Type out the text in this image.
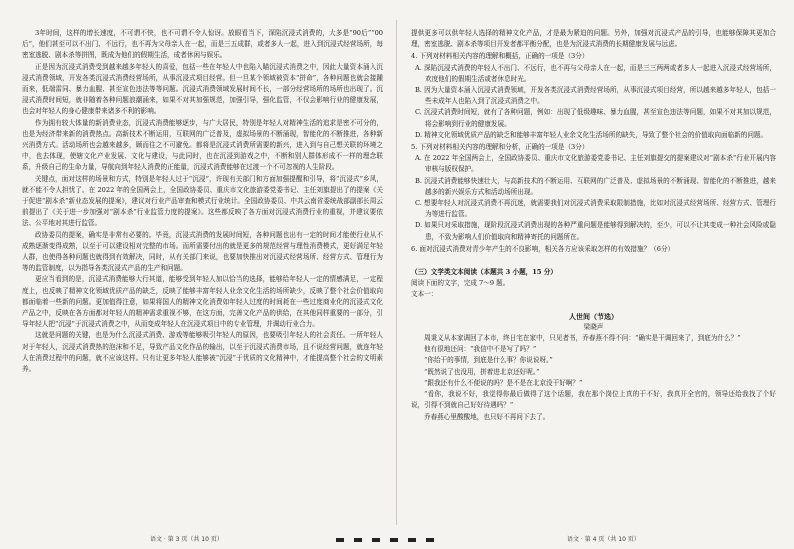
3年时间，这样的增长速度，不可谓不快，也不可谓不令人惊讶。放眼看当下，深陷沉浸式消费的，大多是“90后”“00后”，他们甚至可以不出门、不远行，也不再为父母亲人在一起，而是三五成群，或者多人一起，进入到沉浸式经营场所，每密室逃脱、剧本杀等拼图，既成为他们的假期生活，成者休闲与娱乐。

正是因为沉浸式消费受到越来越多年轻人的喜爱，包括一些在年轻人中也陷入瞄沉浸式消费之中，因此大量资本涌入沉浸式消费领域，开发各类沉浸式消费经营场所，从事沉浸式项目经营。但一旦某个领域被资本“拼命”，各种问题也就会接踵而来，低端雷同、暴力血腥、甚至宣色违法等等问题。沉浸式消费领域发展时间不长，一部分经营场所的场所也出现了。沉浸式消费时间短，就非随着各种问题浪潮涌来，如果不对其加强规范，加强引导，强化监管，不仅会影响行业的健康发展，也会对年轻人的身心健康带来诸多不利的影响。

作为拥有较大体量的新消费业态，沉浸式消费能够逐步，与广大居民，特别是年轻人对精神生活的追求是密不可分的，也是为经济带来新的消费热点。高新技术不断运用，互联网的广泛普及，虚拟场景的不断涌现，智能化的不断推进，各种新兴消费方式。活动场所也会越来越多，顾而往之不可避免。都将是沉浸式消费所需要的新兴，进入到与自己想关联的环境之中，也去体现，使辖文化产业发展、文化与建设，与此同时，也在沉浸到游戏之中，不断和别人群体形成不一样的理念联系，升级自己的生命力量，导航向到年轻人消费的正能量，沉浸式消费能够在过渡一个不可忽视的人生阶段。

关键点，面对这样的场景和方式，特别是年轻人过于“沉浸”，许现有关部门和方面加强提醒和引导，将“沉浸式”乡风，就不能不令人担忧了。在 2022 年的全国两会上，全国政协委员、重庆市文化旅游委党委书记、主任刘旗提出了的提案《关于促进“剧本杀”新业态发展的提案》，建议对行业产品审查和模式行业统计。全国政协委员、中共云南省委统战部副部长周云前提出了《关于进一步加强对“剧本杀”行业监管力度的提案》。这些都反映了各方面对沉浸式消费行业的重视，并建议要依法、公平地对其进行监管。

政协委员的提案，确实是非常有必要的。毕竟，沉浸式消费的发展时间短，各种问题也出有一定的时间才能使行业从不成熟逐渐变得成熟，以至于可以建设相对完整的市场。而所需要付出的就是更多的规范经营与理性消费模式，更好满足年轻人群，也使得各种问题也就得到有效解决，同时，从有关部门来说，也要加快推出对沉浸式经营场所、经营方式、管理行为等的监管制度，以为指导各类沉浸式产品的生产和问题。

更应当看到的是，沉浸式消费能够大行其道，能够受到年轻人加以恰当的选择，能够给年轻人一定的情感满足，一定程度上，也反映了精神文化领域优质产品的缺乏，反映了能够丰富年轻人业余文化生活的场所缺少，反映了整个社会价值取向都面临着一些新的问题。更加值得注意，如果将国人的精神文化消费如年轻人过度的时间耗在一些过度商业化的沉浸式文化产品之中，反映在各方面都对年轻人的精神需求重视不够，在这方面，完善文化产品的供给，在其他同样重要的一部分，引导年轻人把“沉浸”于沉浸式消费之中，从而变成年轻人在沉浸式项目中的专业管理，并调动行业合力。

这就是问题的关键，也是为什么沉浸式消费、游戏等能够吸引年轻人的原因，也要吸引年轻人的社会责任。一所年轻人对于年轻人，沉浸式消费热的泡沫和不足，导致产品文化作品的输出，以至于沉浸式消费市场，且不说经营问题，就连年轻人在消费过程中的问题，就不应该这样。只有让更多年轻人能够被“沉浸”于优质的文化精神中，才能提高整个社会的文明素养。

提供更多可以供年轻人选择的精神文化产品，才是最为紧迫的问题。另外，加强对沉浸式产品的引导，也能够保障其更加合理，密室逃脱、剧本杀等项目开发者都平衡分配，也是为沉浸式消费的长期健康发展与远虑。

4. 下列对材料相关内容的理解和概括，正确的一项是（3分）

A. 深陷沉浸式消费的年轻人不出门、不远行，也不再与父母亲人在一起，而是三三两两或者多人一起进入沉浸式经营场所，欢度他们的假期生活或者休息时光。

B. 因为大量资本涌入沉浸式消费领域，开发各类沉浸式消费经营场所，从事沉浸式项目经营，所以越来越多年轻人，包括一些未成年人也陷入到了沉浸式消费之中。

C. 沉浸式消费时间短，就有了各种问题，例如：出现了低级趣味、暴力血腥，甚至宣色违法等问题，如果不对其加以规范，将会影响到行业的健康发展。

D. 精神文化领域优质产品的缺乏和能够丰富年轻人业余文化生活场所的缺失，导致了整个社会的价值取向面临新的问题。

5. 下列对材料相关内容的理解和分析，正确的一项是（3分）

A. 在 2022 年全国两会上，全国政协委员、重庆市文化旅游委党委书记、主任刘旗提交的提案建议对“剧本杀”行业开展内容审核与版权保护。

B. 沉浸式消费能够快速壮大，与高新技术的不断运用、互联网的广泛普及、虚拟场景的不断涌现、智能化的不断推进，越来越多的新兴娱乐方式和活动场所出现。

C. 想要年轻人对沉浸式消费不再沉迷，就需要我们对沉浸式消费采取限制措施，比如对沉浸式经营场所、经营方式、管理行为等进行监管。

D. 如果只对采取措施，现阶段沉浸式消费出现的各种严重问题是能够得到解决的，至少，可以不让其变成一种社会风险或隐患，不致为影响人们价值取向和精神寄托的问题所在。

6. 面对沉浸式消费对青少年产生的不良影响，相关各方应该采取怎样的有效措施？（6分）

（三）文学类文本阅读（本题共 3 小题，15 分）

阅读下面的文字，完成 7～9 题。

文本一：

人世间（节选）

梁晓声

周秉义从本家调回了本市，终日宅在家中，只见者书，乔春燕不得不问：“确实是干调回来了，到底为什么？”

他有很地还问：“我信中不是写了吗？”

“你给干的事情，到底是什么事？你说说呀。”

“既然说了也没用，拼着进北京还好呢。”

“跟我还有什么不便说的吗？是不是在北京没干好啊？”

“看你，我说不好，我觉得你最后做得了这个话题，我在那个岗位上真的干不好，我真开全官的，领导还给我找了个好说，引得不到就自己好好待遇吗？”

乔春燕心里酸酸地，也只好不再问下去了。

语文 · 第 3 页（共 10 页）	语文 · 第 4 页（共 10 页）
